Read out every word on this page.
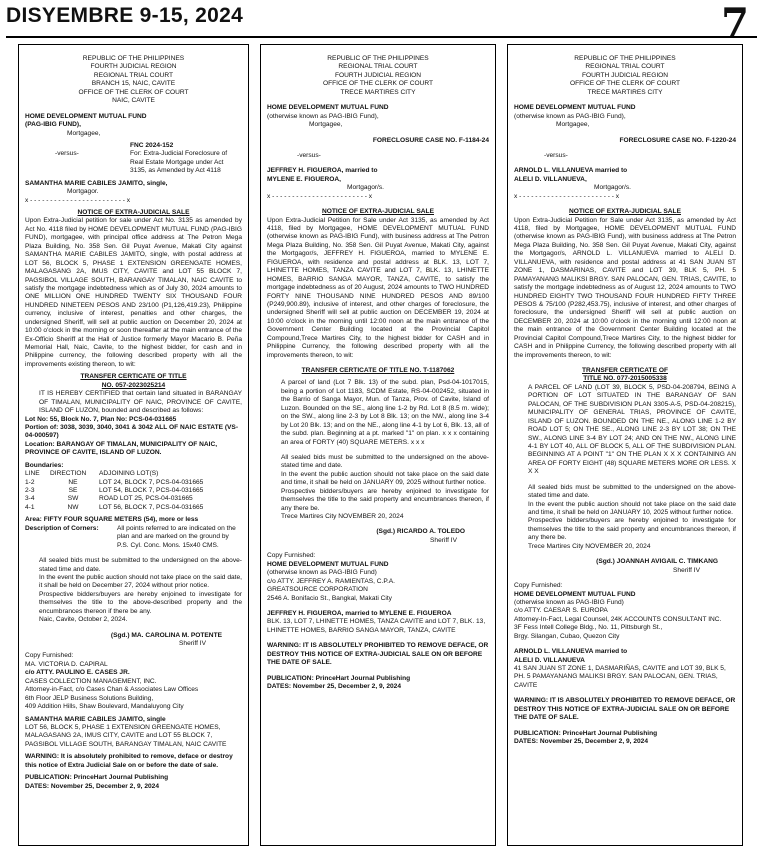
DISYEMBRE 9-15, 2024	7
REPUBLIC OF THE PHILIPPINES
FOURTH JUDICIAL REGION
REGIONAL TRIAL COURT
BRANCH 15, NAIC, CAVITE
OFFICE OF THE CLERK OF COURT
NAIC, CAVITE
HOME DEVELOPMENT MUTUAL FUND
(PAG-IBIG FUND),
Mortgagee,
FNC 2024-152
-versus-	For: Extra-Judicial Foreclosure of Real Estate Mortgage under Act 3135, as Amended by Act 4118
SAMANTHA MARIE CABILES JAMITO, single,
Mortgagor.
x - - - - - - - - - - - - - - - - - - - - - - - - x
NOTICE OF EXTRA-JUDICIAL SALE

Upon Extra-Judicial petition for sale under Act No. 3135 as amended by Act No. 4118 filed by HOME DEVELOPMENT MUTUAL FUND (PAG-IBIG FUND), mortgagee, with principal office address at The Petron Mega Plaza Building, No. 358 Sen. Gil Puyat Avenue, Makati City against SAMANTHA MARIE CABILES JAMITO, single, with postal address at LOT 56, BLOCK 5, PHASE 1 EXTENSION GREENGATE HOMES, MALAGASANG 2A, IMUS CITY, CAVITE and LOT 55 BLOCK 7, PAGSIBOL VILLAGE SOUTH, BARANGAY TIMALAN, NAIC CAVITE to satisfy the mortgage indebtedness which as of July 30, 2024 amounts to ONE MILLION ONE HUNDRED TWENTY SIX THOUSAND FOUR HUNDRED NINETEEN PESOS AND 23/100 (P1,126,419.23), Philippine currency, inclusive of interest, penalties and other charges, the undersigned Sheriff, will sell at public auction on December 20, 2024 at 10:00 o'clock in the morning or soon thereafter at the main entrance of the Ex-Officio Sheriff at the Hall of Justice formerly Mayor Macario B. Peña Memorial Hall, Naic, Cavite, to the highest bidder, for cash and in Philippine currency, the following described property with all the improvements existing thereon, to wit:

TRANSFER CERTICATE OF TITLE
NO. 057-2023025214

IT IS HEREBY CERTIFIED that certain land situated in BARANGAY OF TIMALAN, MUNICIPALITY OF NAIC, PROVINCE OF CAVITE, ISLAND OF LUZON, bounded and described as follows:

Lot No: 55, Block No. 7, Plan No: PCS-04-031665
Portion of: 3038, 3039, 3040, 3041 & 3042 ALL OF NAIC ESTATE (VS-04-000597)
Location: BARANGAY OF TIMALAN, MUNICIPALITY OF NAIC, PROVINCE OF CAVITE, ISLAND OF LUZON.
Boundaries:
LINE	DIRECTION	ADJOINING LOT(S)
1-2	NE	LOT 24, BLOCK 7, PCS-04-031665
2-3	SE	LOT 54, BLOCK 7, PCS-04-031665
3-4	SW	ROAD LOT 25, PCS-04-031665
4-1	NW	LOT 56, BLOCK 7, PCS-04-031665
Area: FIFTY FOUR SQUARE METERS (54), more or less
Description of Corners:	All points referred to are indicated on the plan and are marked on the ground by P.S. Cyl. Conc. Mons. 15x40 CMS.

All sealed bids must be submitted to the undersigned on the above-stated time and date.

In the event the public auction should not take place on the said date, it shall be held on December 27, 2024 without prior notice.

Prospective bidders/buyers are hereby enjoined to investigate for themselves the title to the above-described property and the encumbrances thereon if there be any.

Naic, Cavite, October 2, 2024.
(Sgd.) MA. CAROLINA M. POTENTE
Sheriff IV
Copy Furnished:
MA. VICTORIA D. CAPIRAL
c/o ATTY. PAULINO E. CASES JR.
CASES COLLECTION MANAGEMENT, INC.
Attorney-in-Fact, c/o Cases Chan & Associates Law Offices
6th Floor JELP Business Solutions Building,
409 Addition Hills, Shaw Boulevard, Mandaluyong City
SAMANTHA MARIE CABILES JAMITO, single
LOT 56, BLOCK 5, PHASE 1 EXTENSION GREENGATE HOMES, MALAGASANG 2A, IMUS CITY, CAVITE and LOT 55 BLOCK 7, PAGSIBOL VILLAGE SOUTH, BARANGAY TIMALAN, NAIC CAVITE
WARNING: It is absolutely prohibited to remove, deface or destroy this notice of Extra Judicial Sale on or before the date of sale.
PUBLICATION: PrinceHart Journal Publishing
DATES: November 25, December 2, 9, 2024
REPUBLIC OF THE PHILIPPINES
REGIONAL TRIAL COURT
FOURTH JUDICIAL REGION
OFFICE OF THE CLERK OF COURT
TRECE MARTIRES CITY
HOME DEVELOPMENT MUTUAL FUND
(otherwise known as PAG-IBIG Fund),
Mortgagee,
FORECLOSURE CASE NO. F-1184-24
-versus-
JEFFREY H. FIGUEROA, married to
MYLENE E. FIGUEROA,
Mortgagor/s.
x - - - - - - - - - - - - - - - - - - - - - - - - x
NOTICE OF EXTRA-JUDICIAL SALE

Upon Extra-Judicial Petition for Sale under Act 3135, as amended by Act 4118, filed by Mortgagee, HOME DEVELOPMENT MUTUAL FUND (otherwise known as PAG-IBIG Fund), with business address at The Petron Mega Plaza Building, No. 358 Sen. Gil Puyat Avenue, Makati City, against the Mortgagor/s, JEFFREY H. FIGUEROA, married to MYLENE E. FIGUEROA, with residence and postal address at BLK. 13, LOT 7, LHINETTE HOMES, TANZA CAVITE and LOT 7, BLK. 13, LHINETTE HOMES, BARRIO SANGA MAYOR, TANZA, CAVITE, to satisfy the mortgage indebtedness as of 20 August, 2024 amounts to TWO HUNDRED FORTY NINE THOUSAND NINE HUNDRED PESOS AND 89/100 (P249,900.89), inclusive of interest, and other charges of foreclosure, the undersigned Sheriff will sell at public auction on DECEMBER 19, 2024 at 10:00 o'clock in the morning until 12:00 noon at the main entrance of the Government Center Building located at the Provincial Capitol Compound,Trece Martires City, to the highest bidder for CASH and in Philippine Currency, the following described property with all the improvements thereon, to wit:

TRANSFER CERTICATE OF TITLE NO. T-1187062

A parcel of land (Lot 7 Blk. 13) of the subd. plan, Psd-04-1017015, being a portion of Lot 1183, SCDM Estate, RS-04-002452, situated in the Barrio of Sanga Mayor, Mun. of Tanza, Prov. of Cavite, Island of Luzon. Bounded on the SE., along line 1-2 by Rd. Lot 8 (8.5 m. wide); on the SW., along line 2-3 by Lot 8 Blk. 13; on the NW., along line 3-4 by Lot 20 Blk. 13; and on the NE., along line 4-1 by Lot 6, Blk. 13, all of the subd. plan. Beginning at a pt. marked "1" on plan. x x x containing an area of FORTY (40) SQUARE METERS. x x x

All sealed bids must be submitted to the undersigned on the above-stated time and date.

In the event the public auction should not take place on the said date and time, it shall be held on JANUARY 09, 2025 without further notice.

Prospective bidders/buyers are hereby enjoined to investigate for themselves the title to the said property and encumbrances thereon, if any there be.

Trece Martires City NOVEMBER 20, 2024
(Sgd.) RICARDO A. TOLEDO
Sheriff IV
Copy Furnished:
HOME DEVELOPMENT MUTUAL FUND
(otherwise known as PAG-IBIG Fund)
c/o ATTY. JEFFREY A. RAMIENTAS, C.P.A.
GREATSOURCE CORPORATION
2546 A. Bonifacio St., Bangkal, Makati City
JEFFREY H. FIGUEROA, married to MYLENE E. FIGUEROA
BLK. 13, LOT 7, LHINETTE HOMES, TANZA CAVITE and LOT 7, BLK. 13, LHINETTE HOMES, BARRIO SANGA MAYOR, TANZA, CAVITE
WARNING: IT IS ABSOLUTELY PROHIBITED TO REMOVE DEFACE, OR DESTROY THIS NOTICE OF EXTRA-JUDICIAL SALE ON OR BEFORE THE DATE OF SALE.
PUBLICATION: PrinceHart Journal Publishing
DATES: November 25, December 2, 9, 2024
REPUBLIC OF THE PHILIPPINES
REGIONAL TRIAL COURT
FOURTH JUDICIAL REGION
OFFICE OF THE CLERK OF COURT
TRECE MARTIRES CITY
HOME DEVELOPMENT MUTUAL FUND
(otherwise known as PAG-IBIG Fund),
Mortgagee,
FORECLOSURE CASE NO. F-1220-24
-versus-
ARNOLD L. VILLANUEVA married to
ALELI D. VILLANUEVA,
Mortgagor/s.
x - - - - - - - - - - - - - - - - - - - - - - - - x
NOTICE OF EXTRA-JUDICIAL SALE

Upon Extra-Judicial Petition for Sale under Act 3135, as amended by Act 4118, filed by Mortgagee, HOME DEVELOPMENT MUTUAL FUND (otherwise known as PAG-IBIG Fund), with business address at The Petron Mega Plaza Building, No. 358 Sen. Gil Puyat Avenue, Makati City, against the Mortgagor/s, ARNOLD L. VILLANUEVA married to ALELI D. VILLANUEVA, with residence and postal address at 41 SAN JUAN ST ZONE 1, DASMARINAS, CAVITE and LOT 39, BLK 5, PH. 5 PAMAYANANG MALIKSI BRGY. SAN PALOCAN, GEN. TRIAS, CAVITE, to satisfy the mortgage indebtedness as of August 12, 2024 amounts to TWO HUNDRED EIGHTY TWO THOUSAND FOUR HUNDRED FIFTY THREE PESOS & 75/100 (P282,453.75), inclusive of interest, and other charges of foreclosure, the undersigned Sheriff will sell at public auction on DECEMBER 20, 2024 at 10:00 o'clock in the morning until 12:00 noon at the main entrance of the Government Center Building located at the Provincial Capitol Compound,Trece Martires City, to the highest bidder for CASH and in Philippine Currency, the following described property with all the improvements thereon, to wit:

TRANSFER CERTICATE OF
TITLE NO. 077-2015005338

A PARCEL OF LAND (LOT 39, BLOCK 5, PSD-04-208794, BEING A PORTION OF LOT SITUATED IN THE BARANGAY OF SAN PALOCAN, OF THE SUBDIVISION PLAN 3305-A-5, PSD-04-208215), MUNICIPALITY OF GENERAL TRIAS, PROVINCE OF CAVITE, ISLAND OF LUZON. BOUNDED ON THE NE., ALONG LINE 1-2 BY ROAD LOT 5; ON THE SE., ALONG LINE 2-3 BY LOT 38; ON THE SW., ALONG LINE 3-4 BY LOT 24; AND ON THE NW., ALONG LINE 4-1 BY LOT 40, ALL OF BLOCK 5, ALL OF THE SUBDIVISION PLAN. BEGINNING AT A POINT "1" ON THE PLAN X X X CONTAINING AN AREA OF FORTY EIGHT (48) SQUARE METERS MORE OR LESS. X X X

All sealed bids must be submitted to the undersigned on the above-stated time and date.

In the event the public auction should not take place on the said date and time, it shall be held on JANUARY 10, 2025 without further notice.

Prospective bidders/buyers are hereby enjoined to investigate for themselves the title to the said property and encumbrances thereon, if any there be.

Trece Martires City NOVEMBER 20, 2024
(Sgd.) JOANNAH AVIGAIL C. TIMKANG
Sheriff IV
Copy Furnished:
HOME DEVELOPMENT MUTUAL FUND
(otherwise known as PAG-IBIG Fund)
c/o ATTY. CAESAR S. EUROPA
Attorney-In-Fact, Legal Counsel, 24K ACCOUNTS CONSULTANT INC.
3F Fess Intell College Bldg., No. 11, Pittsburgh St.,
Brgy. Silangan, Cubao, Quezon City
ARNOLD L. VILLANUEVA married to
ALELI D. VILLANUEVA
41 SAN JUAN ST ZONE 1, DASMARIÑAS, CAVITE and LOT 39, BLK 5, PH. 5 PAMAYANANG MALIKSI BRGY. SAN PALOCAN, GEN. TRIAS, CAVITE
WARNING: IT IS ABSOLUTELY PROHIBITED TO REMOVE DEFACE, OR DESTROY THIS NOTICE OF EXTRA-JUDICIAL SALE ON OR BEFORE THE DATE OF SALE.
PUBLICATION: PrinceHart Journal Publishing
DATES: November 25, December 2, 9, 2024
